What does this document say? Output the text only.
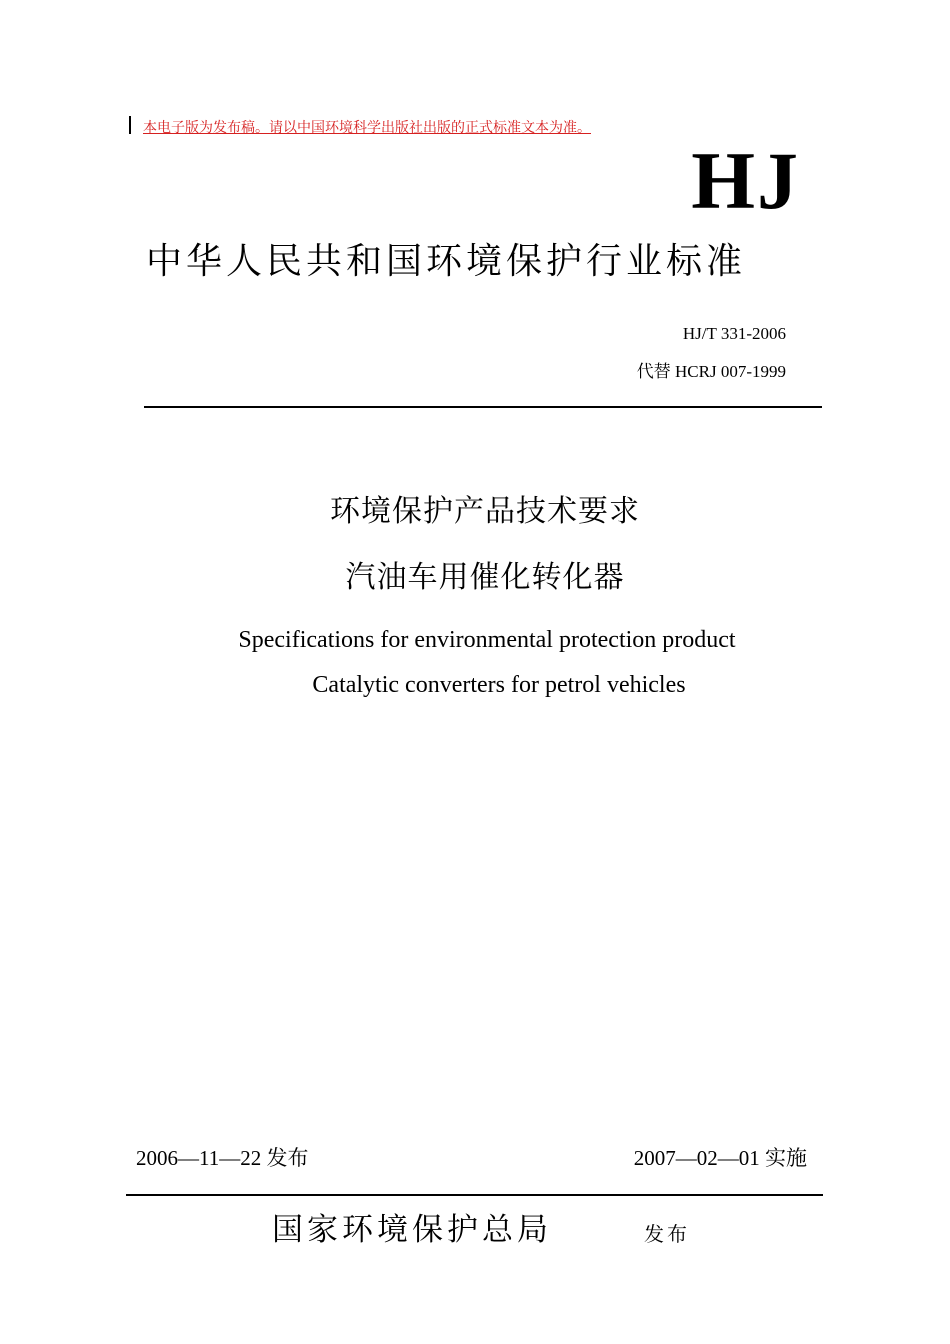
本电子版为发布稿。请以中国环境科学出版社出版的正式标准文本为准。
HJ
中华人民共和国环境保护行业标准
HJ/T 331-2006
代替 HCRJ 007-1999
环境保护产品技术要求
汽油车用催化转化器
Specifications for environmental protection product
Catalytic converters for petrol vehicles
2006—11—22 发布	2007—02—01 实施
国家环境保护总局	发布
